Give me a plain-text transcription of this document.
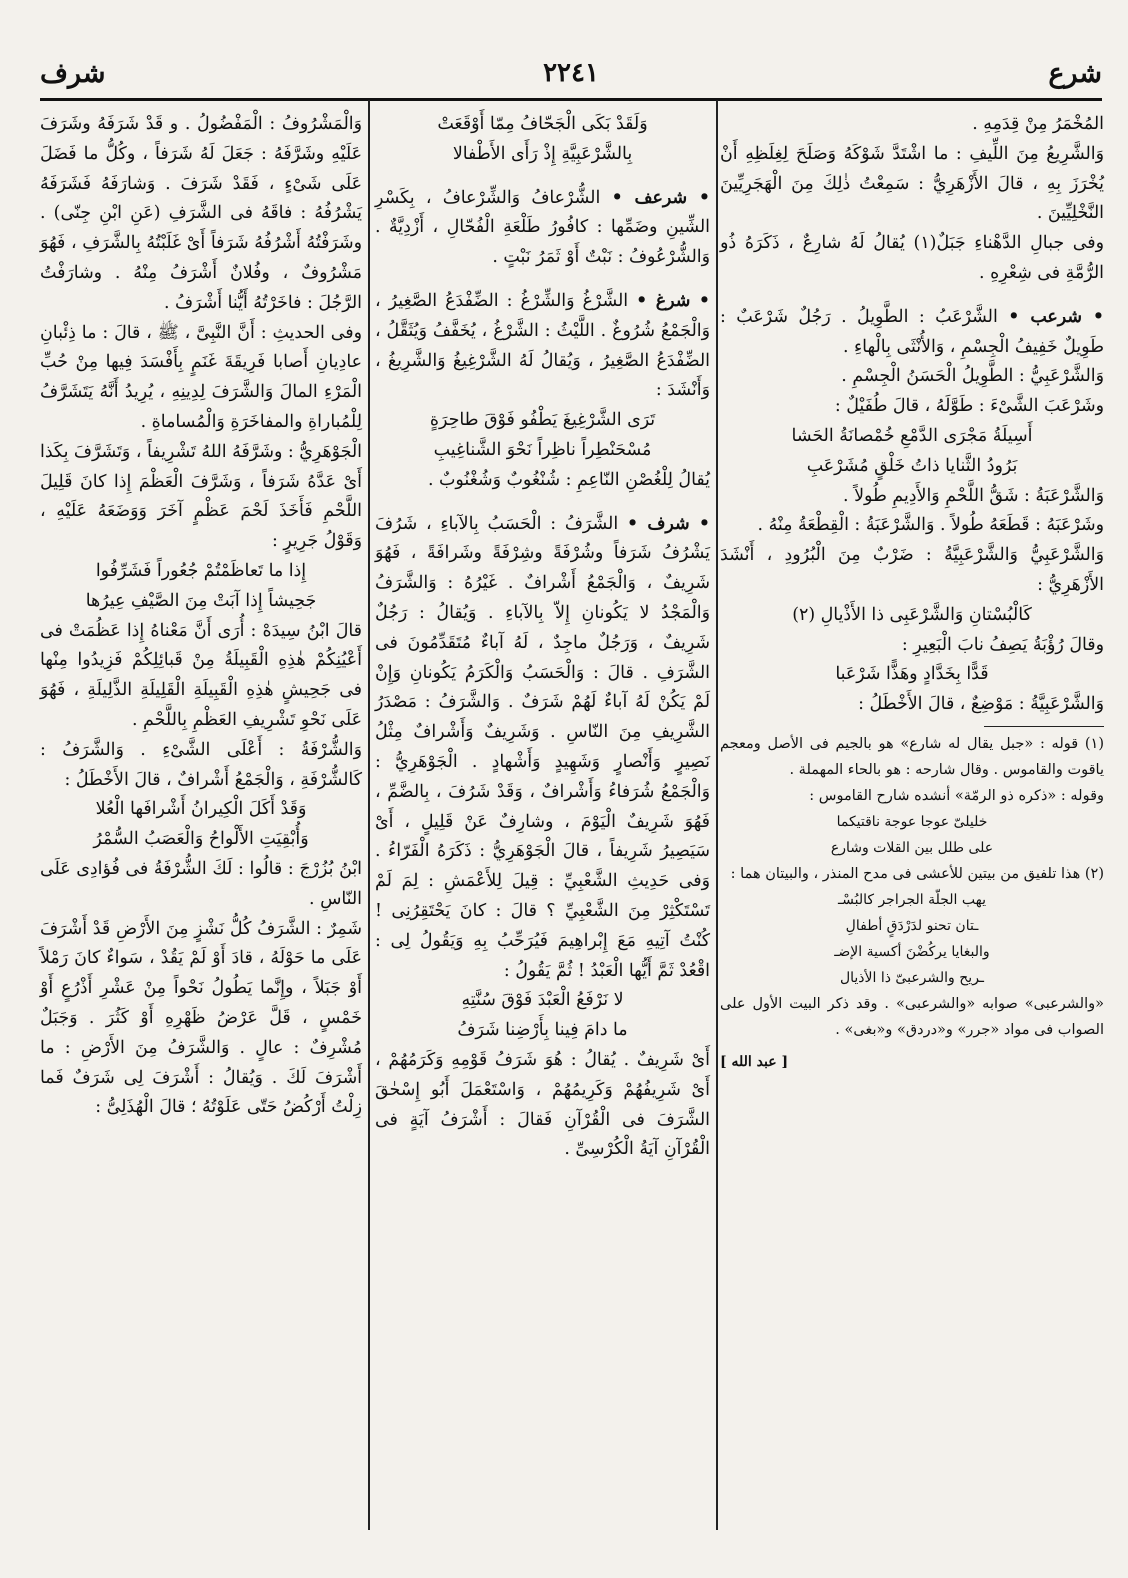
شرع
٢٢٤١
شرف

المُخْمَرُ مِنْ قِدَمِهِ .

وَالشَّرِيعُ مِنَ اللِّيفِ : ما اشْتَدَّ شَوْكَهُ وَصَلَحَ لِغِلَظِهِ أَنْ يُخْرَزَ بِهِ ، قالَ الأَزْهَرِيُّ : سَمِعْتُ ذٰلِكَ مِنَ الْهَجَرِيِّينَ النَّخْلِيِّينَ .

وفى جبالِ الدَّهْناءِ جَبَلٌ(١) يُقالُ لَهُ شارِعٌ ، ذَكَرَهُ ذُو الرُّمَّةِ فى شِعْرِهِ .

• شرعب • الشَّرْعَبُ : الطَّوِيلُ . رَجُلٌ شَرْعَبٌ : طَوِيلٌ خَفِيفُ الْجِسْمِ ، وَالأُنْثَى بِالْهاءِ .

وَالشَّرْعَبِيُّ : الطَّوِيلُ الْحَسَنُ الْجِسْمِ .

وشَرْعَبَ الشَّىْءَ : طَوَّلَهُ ، قالَ طُفَيْلٌ :

أَسِيلَةُ مَجْرَى الدَّمْعِ خُمْصانَةُ الحَشا

بَرُودُ الثَّنايا ذاتُ خَلْقٍ مُشَرْعَبِ

وَالشَّرْعَبَةُ : شَقُّ اللَّحْمِ وَالأَدِيمِ طُولاً .

وشَرْعَبَهُ : قَطَعَهُ طُولاً . وَالشَّرْعَبَةُ : الْقِطْعَةُ مِنْهُ .

وَالشَّرْعَبِيُّ وَالشَّرْعَبِيَّةُ : ضَرْبٌ مِنَ الْبُرُودِ ، أَنْشَدَ الأَزْهَرِيُّ :

كَالْبُسْتانِ وَالشَّرْعَبِى ذا الأَذْيالِ (٢)

وقالَ رُؤْبَةُ يَصِفُ نابَ الْبَعِيرِ :

قَدًّا بِخَدَّادٍ وهَذًّا شَرْعَبا

وَالشَّرْعَبِيَّةُ : مَوْضِعٌ ، قالَ الأَخْطَلُ :

(١) قوله : «جبل يقال له شارع» هو بالجيم فى الأصل ومعجم ياقوت والقاموس . وقال شارحه : هو بالحاء المهملة .

وقوله : «ذكره ذو الرمّة» أنشده شارح القاموس :

خليلىّ عوجا عوجة ناقتيكما

على طلل بين القلات وشارع

(٢) هذا تلفيق من بيتين للأعشى فى مدح المنذر ، والبيتان هما :

يهب الجلّة الجراجر كالبُسْـ

ـتان تحنو لدَرْدَقٍ أطفالِ

والبغايا يركُضْنَ أكسية الإضـ

ـريح والشرعبىّ ذا الأذيال

«والشرعبى» صوابه «والشرعبى» . وقد ذكر البيت الأول على الصواب فى مواد «جرر» و«دردق» و«بغى» .

[ عبد الله ]

وَلَقَدْ بَكَى الْجَحّافُ مِمّا أَوْقَعَتْ

بِالشَّرْعَبِيَّةِ إِذْ رَأَى الأَطْفالا

• شرعف • الشُّرْعافُ وَالشِّرْعافُ ، بِكَسْرِ الشِّينِ وضَمِّها : كافُورُ طَلْعَةِ الْفُحّالِ ، أَزْدِيَّةٌ . وَالشُّرْعُوفُ : نَبْتٌ أَوْ ثَمَرُ نَبْتٍ .

• شرغ • الشَّرْغُ وَالشِّرْغُ : الضِّفْدَعُ الصَّغِيرُ ، وَالْجَمْعُ شُرُوغٌ . اللَّيْثُ : الشَّرْغُ ، يُخَفَّفُ وَيُثَقَّلُ ، الضِّفْدَعُ الصَّغِيرُ ، وَيُقالُ لَهُ الشَّرْغِيغُ وَالشَّرِيغُ ، وَأَنْشَدَ :

تَرَى الشَّرْغِيغَ يَطْفُو فَوْقَ طاحِرَةٍ

مُسْحَنْطِراً ناظِراً نَحْوَ الشَّناغِيبِ

يُقالُ لِلْغُصْنِ النّاعِمِ : شُنْغُوبٌ وَشُغْنُوبٌ .

• شرف • الشَّرَفُ : الْحَسَبُ بِالآباءِ ، شَرُفَ يَشْرُفُ شَرَفاً وشُرْفَةً وشِرْفَةً وشَرافَةً ، فَهُوَ شَرِيفٌ ، وَالْجَمْعُ أَشْرافٌ . غَيْرُهُ : وَالشَّرَفُ وَالْمَجْدُ لا يَكُونانِ إِلاّ بِالآباءِ . وَيُقالُ : رَجُلٌ شَرِيفٌ ، وَرَجُلٌ ماجِدٌ ، لَهُ آباءٌ مُتَقَدِّمُونَ فى الشَّرَفِ . قالَ : وَالْحَسَبُ وَالْكَرَمُ يَكُونانِ وَإِنْ لَمْ يَكُنْ لَهُ آباءٌ لَهُمْ شَرَفٌ . وَالشَّرَفُ : مَصْدَرُ الشَّرِيفِ مِنَ النّاسِ . وَشَرِيفٌ وَأَشْرافٌ مِثْلُ نَصِيرٍ وَأَنْصارٍ وَشَهِيدٍ وَأَشْهادٍ . الْجَوْهَرِيُّ : وَالْجَمْعُ شُرَفاءُ وَأَشْرافٌ ، وَقَدْ شَرُفَ ، بِالضَّمِّ ، فَهُوَ شَرِيفٌ الْيَوْمَ ، وشارِفٌ عَنْ قَلِيلٍ ، أَىْ سَيَصِيرُ شَرِيفاً ، قالَ الْجَوْهَرِيُّ : ذَكَرَهُ الْفَرّاءُ . وَفى حَدِيثِ الشَّعْبِيِّ : قِيلَ لِلأَعْمَشِ : لِمَ لَمْ تَسْتَكْثِرْ مِنَ الشَّعْبِيِّ ؟ قالَ : كانَ يَحْتَقِرُنِى ! كُنْتُ آتِيهِ مَعَ إِبْراهِيمَ فَيُرَحِّبُ بِهِ وَيَقُولُ لِى : اقْعُدْ ثَمَّ أَيُّها الْعَبْدُ ! ثُمَّ يَقُولُ :

لا نَرْفَعُ الْعَبْدَ فَوْقَ سُنَّتِهِ

ما دامَ فِينا بِأَرْضِنا شَرَفُ

أَىْ شَرِيفٌ . يُقالُ : هُوَ شَرَفُ قَوْمِهِ وَكَرَمُهُمْ ، أَىْ شَرِيفُهُمْ وَكَرِيمُهُمْ ، وَاسْتَعْمَلَ أَبُو إِسْحٰقَ الشَّرَفَ فى الْقُرْآنِ فَقالَ : أَشْرَفُ آيَةٍ فى الْقُرْآنِ آيَةُ الْكُرْسِىِّ .

وَالْمَشْرُوفُ : الْمَفْضُولُ . و قَدْ شَرَفَهُ وشَرَفَ عَلَيْهِ وشَرَّفَهُ : جَعَلَ لَهُ شَرَفاً ، وكُلُّ ما فَضَلَ عَلَى شَىْءٍ ، فَقَدْ شَرَفَ . وَشارَفَهُ فَشَرَفَهُ يَشْرُفُهُ : فاقَهُ فى الشَّرَفِ (عَنِ ابْنِ جِنّى) . وشَرَفْتُهُ أَشْرُفُهُ شَرَفاً أَىْ غَلَبْتُهُ بِالشَّرَفِ ، فَهُوَ مَشْرُوفٌ ، وفُلانٌ أَشْرَفُ مِنْهُ . وشارَفْتُ الرَّجُلَ : فاخَرْتُهُ أَيُّنا أَشْرَفُ .

وفى الحديثِ : أَنَّ النَّبِىَّ ، ﷺ ، قالَ : ما ذِئْبانِ عادِيانِ أَصابا فَرِيقَةَ غَنَمٍ بِأَفْسَدَ فِيها مِنْ حُبِّ الْمَرْءِ المالَ وَالشَّرَفَ لِدِينِهِ ، يُرِيدُ أَنَّهُ يَتَشَرَّفُ لِلْمُباراةِ والمفاخَرَةِ وَالْمُساماةِ .

الْجَوْهَرِيُّ : وشَرَّفَهُ اللهُ تَشْرِيفاً ، وَتَشَرَّفَ بِكَذا أَىْ عَدَّهُ شَرَفاً ، وَشَرَّفَ الْعَظْمَ إِذا كانَ قَلِيلَ اللَّحْمِ فَأَخَذَ لَحْمَ عَظْمٍ آخَرَ وَوَضَعَهُ عَلَيْهِ ، وَقَوْلُ جَرِيرٍ :

إِذا ما تَعاظَمْتُمْ جُعُوراً فَشَرِّفُوا

جَحِيشاً إِذا آبَتْ مِنَ الصَّيْفِ عِيرُها

قالَ ابْنُ سِيدَهْ : أُرَى أَنَّ مَعْناهُ إِذا عَظُمَتْ فى أَعْيُنِكُمْ هٰذِهِ الْقَبِيلَةُ مِنْ قَبائِلِكُمْ فَزِيدُوا مِنْها فى جَحِيشٍ هٰذِهِ الْقَبِيلَةِ الْقَلِيلَةِ الذَّلِيلَةِ ، فَهُوَ عَلَى نَحْوِ تَشْرِيفِ العَظْمِ بِاللَّحْمِ .

وَالشُّرْفَةُ : أَعْلَى الشَّىْءِ . وَالشَّرَفُ : كَالشُّرْفَةِ ، وَالْجَمْعُ أَشْرافٌ ، قالَ الأَخْطَلُ :

وَقَدْ أَكَلَ الْكِيرانُ أَشْرافَها الْعُلا

وَأُبْقِيَتِ الأَلْواحُ وَالْعَصَبُ السُّمْرُ

ابْنُ بُزُرْجَ : قالُوا : لَكَ الشُّرْفَةُ فى فُؤادِى عَلَى النّاسِ .

شَمِرٌ : الشَّرَفُ كُلُّ نَشْزٍ مِنَ الأَرْضِ قَدْ أَشْرَفَ عَلَى ما حَوْلَهُ ، قادَ أَوْ لَمْ يَقُدْ ، سَواءٌ كانَ رَمْلاً أَوْ جَبَلاً ، وإِنَّما يَطُولُ نَحْواً مِنْ عَشْرِ أَذْرُعٍ أَوْ خَمْسٍ ، قَلَّ عَرْضُ ظَهْرِهِ أَوْ كَثُرَ . وَجَبَلٌ مُشْرِفٌ : عالٍ . وَالشَّرَفُ مِنَ الأَرْضِ : ما أَشْرَفَ لَكَ . وَيُقالُ : أَشْرَفَ لِى شَرَفٌ فَما زِلْتُ أَرْكُضُ حَتّى عَلَوْتُهُ ؛ قالَ الْهُذَلِىُّ :
